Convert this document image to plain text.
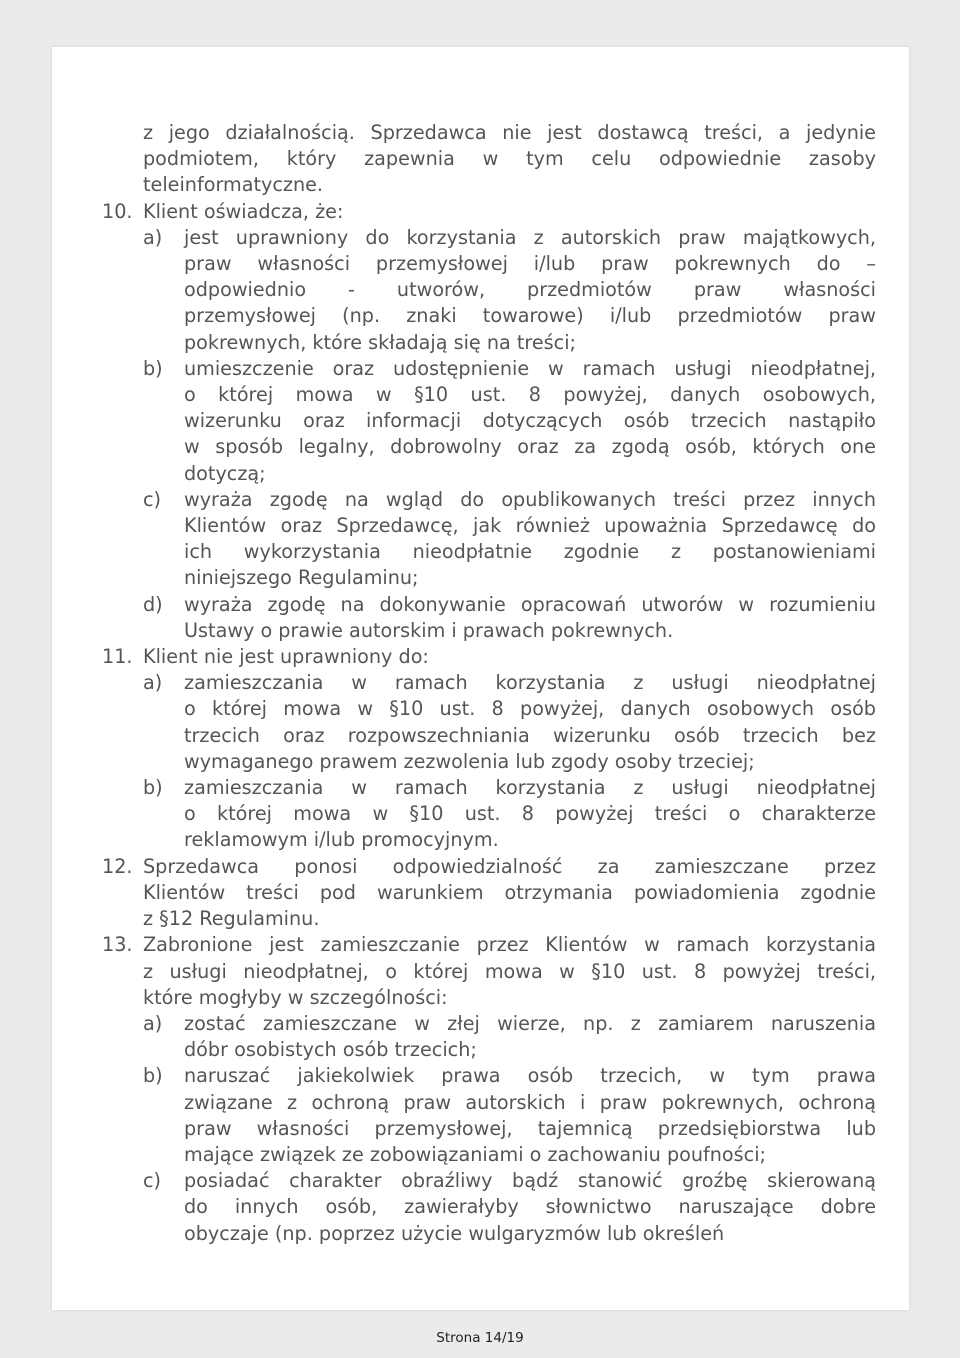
z jego działalnością. Sprzedawca nie jest dostawcą treści, a jedynie
podmiotem, który zapewnia w tym celu odpowiednie zasoby
teleinformatyczne.
10. Klient oświadcza, że:
a)	jest uprawniony do korzystania z autorskich praw majątkowych,
praw własności przemysłowej i/lub praw pokrewnych do –
odpowiednio - utworów, przedmiotów praw własności
przemysłowej (np. znaki towarowe) i/lub przedmiotów praw
pokrewnych, które składają się na treści;
b)	umieszczenie oraz udostępnienie w ramach usługi nieodpłatnej,
o której mowa w §10 ust. 8 powyżej, danych osobowych,
wizerunku oraz informacji dotyczących osób trzecich nastąpiło
w sposób legalny, dobrowolny oraz za zgodą osób, których one
dotyczą;
c)	wyraża zgodę na wgląd do opublikowanych treści przez innych
Klientów oraz Sprzedawcę, jak również upoważnia Sprzedawcę do
ich wykorzystania nieodpłatnie zgodnie z postanowieniami
niniejszego Regulaminu;
d)	wyraża zgodę na dokonywanie opracowań utworów w rozumieniu
Ustawy o prawie autorskim i prawach pokrewnych.
11. Klient nie jest uprawniony do:
a)	zamieszczania w ramach korzystania z usługi nieodpłatnej
o której mowa w §10 ust. 8 powyżej, danych osobowych osób
trzecich oraz rozpowszechniania wizerunku osób trzecich bez
wymaganego prawem zezwolenia lub zgody osoby trzeciej;
b)	zamieszczania w ramach korzystania z usługi nieodpłatnej
o której mowa w §10 ust. 8 powyżej treści o charakterze
reklamowym i/lub promocyjnym.
12. Sprzedawca ponosi odpowiedzialność za zamieszczane przez
Klientów treści pod warunkiem otrzymania powiadomienia zgodnie
z §12 Regulaminu.
13. Zabronione jest zamieszczanie przez Klientów w ramach korzystania
z usługi nieodpłatnej, o której mowa w §10 ust. 8 powyżej treści,
które mogłyby w szczególności:
a)	zostać zamieszczane w złej wierze, np. z zamiarem naruszenia
dóbr osobistych osób trzecich;
b)	naruszać jakiekolwiek prawa osób trzecich, w tym prawa
związane z ochroną praw autorskich i praw pokrewnych, ochroną
praw własności przemysłowej, tajemnicą przedsiębiorstwa lub
mające związek ze zobowiązaniami o zachowaniu poufności;
c)	posiadać charakter obraźliwy bądź stanowić groźbę skierowaną
do innych osób, zawierałyby słownictwo naruszające dobre
obyczaje (np. poprzez użycie wulgaryzmów lub określeń
Strona 14/19
